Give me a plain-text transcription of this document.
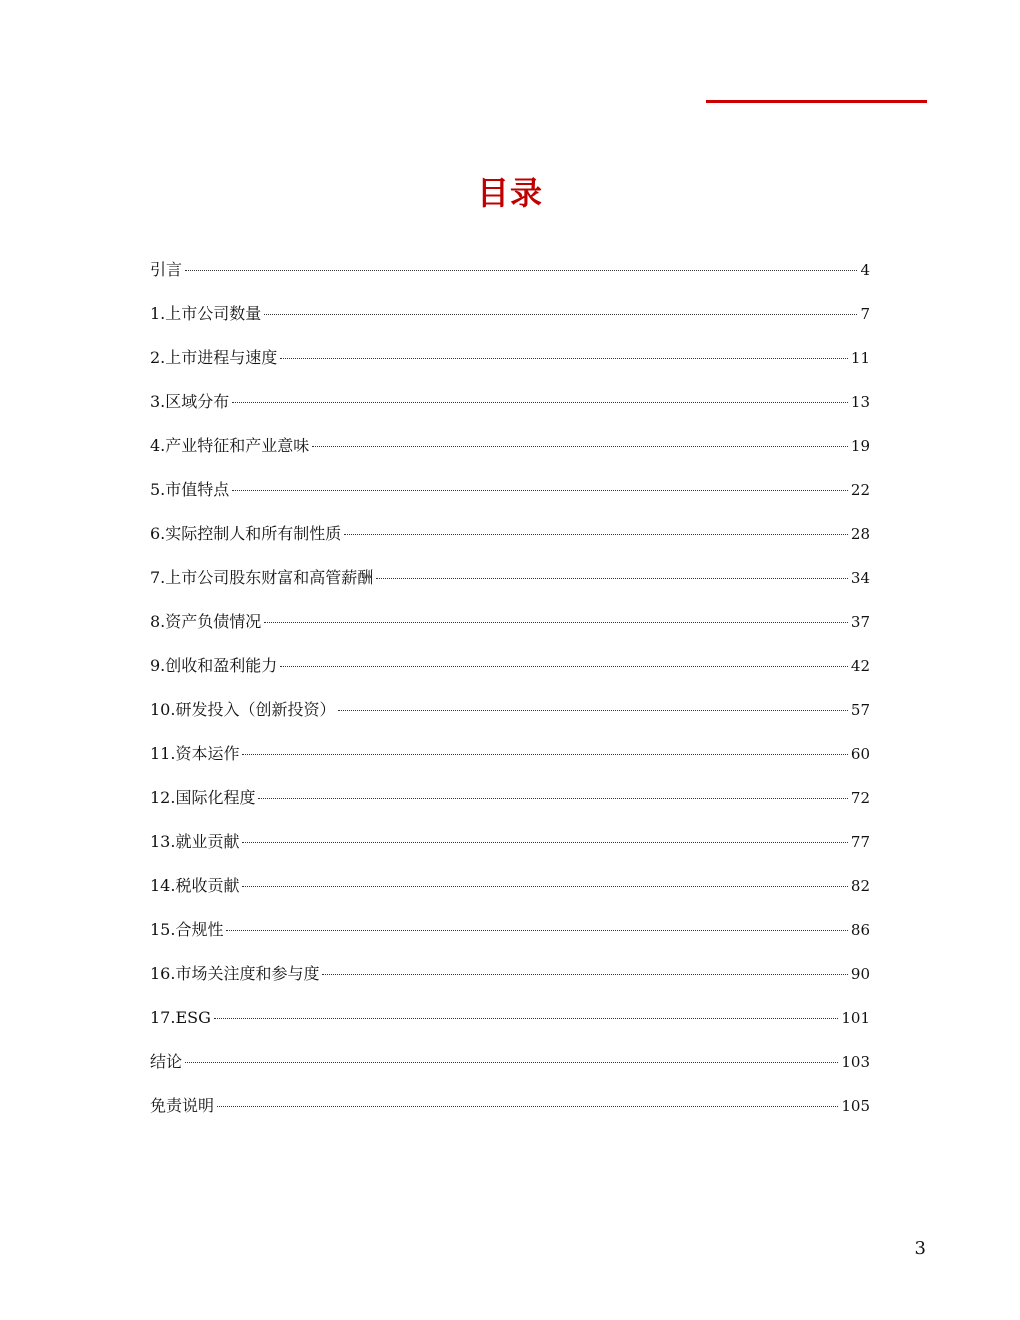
目录
引言	4
1.上市公司数量	7
2.上市进程与速度	11
3.区域分布	13
4.产业特征和产业意味	19
5.市值特点	22
6.实际控制人和所有制性质	28
7.上市公司股东财富和高管薪酬	34
8.资产负债情况	37
9.创收和盈利能力	42
10.研发投入（创新投资）	57
11.资本运作	60
12.国际化程度	72
13.就业贡献	77
14.税收贡献	82
15.合规性	86
16.市场关注度和参与度	90
17.ESG	101
结论	103
免责说明	105
3
